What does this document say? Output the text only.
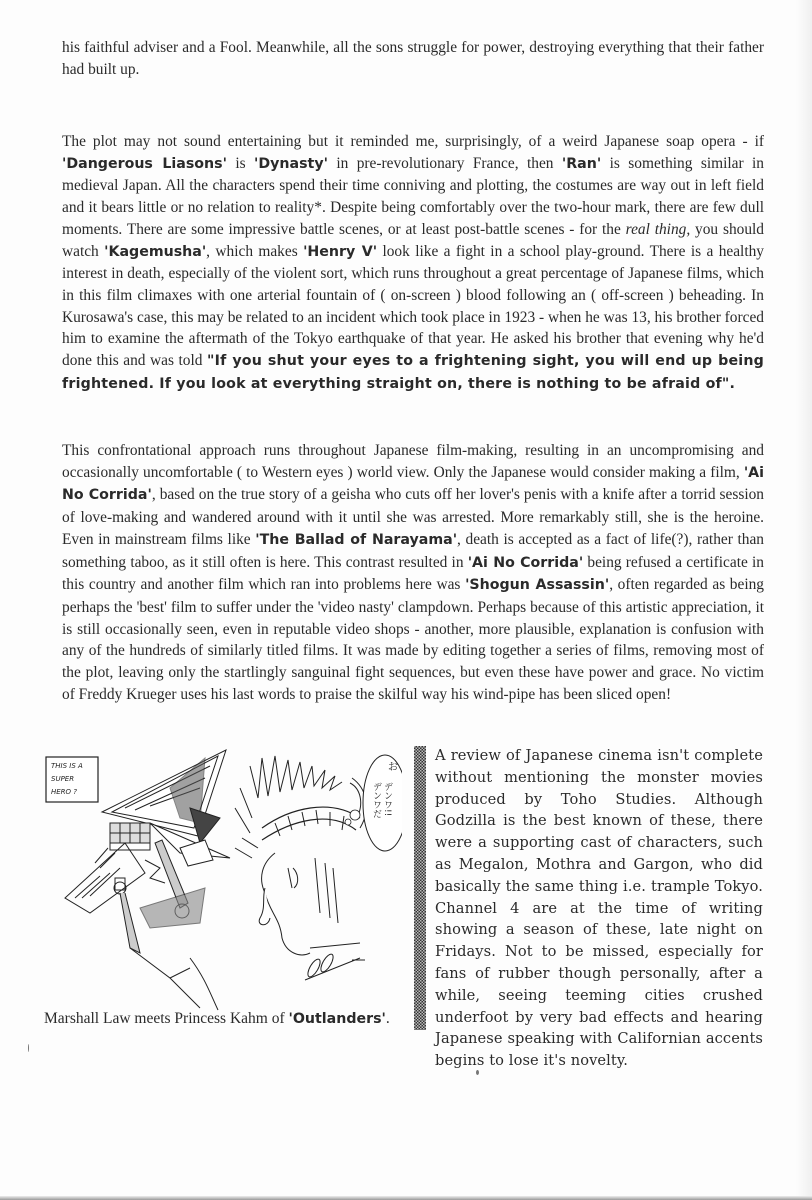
his faithful adviser and a Fool. Meanwhile, all the sons struggle for power, destroying everything that their father had built up.

The plot may not sound entertaining but it reminded me, surprisingly, of a weird Japanese soap opera - if 'Dangerous Liasons' is 'Dynasty' in pre-revolutionary France, then 'Ran' is something similar in medieval Japan. All the characters spend their time conniving and plotting, the costumes are way out in left field and it bears little or no relation to reality*. Despite being comfortably over the two-hour mark, there are few dull moments. There are some impressive battle scenes, or at least post-battle scenes - for the real thing, you should watch 'Kagemusha', which makes 'Henry V' look like a fight in a school play-ground. There is a healthy interest in death, especially of the violent sort, which runs throughout a great percentage of Japanese films, which in this film climaxes with one arterial fountain of ( on-screen ) blood following an ( off-screen ) beheading. In Kurosawa's case, this may be related to an incident which took place in 1923 - when he was 13, his brother forced him to examine the aftermath of the Tokyo earthquake of that year. He asked his brother that evening why he'd done this and was told "If you shut your eyes to a frightening sight, you will end up being frightened. If you look at everything straight on, there is nothing to be afraid of".

This confrontational approach runs throughout Japanese film-making, resulting in an uncompromising and occasionally uncomfortable ( to Western eyes ) world view. Only the Japanese would consider making a film, 'Ai No Corrida', based on the true story of a geisha who cuts off her lover's penis with a knife after a torrid session of love-making and wandered around with it until she was arrested. More remarkably still, she is the heroine. Even in mainstream films like 'The Ballad of Narayama', death is accepted as a fact of life(?), rather than something taboo, as it still often is here. This contrast resulted in 'Ai No Corrida' being refused a certificate in this country and another film which ran into problems here was 'Shogun Assassin', often regarded as being perhaps the 'best' film to suffer under the 'video nasty' clampdown. Perhaps because of this artistic appreciation, it is still occasionally seen, even in reputable video shops - another, more plausible, explanation is confusion with any of the hundreds of similarly titled films. It was made by editing together a series of films, removing most of the plot, leaving only the startlingly sanguinal fight sequences, but even these have power and grace. No victim of Freddy Krueger uses his last words to praise the skilful way his wind-pipe has been sliced open!

THIS IS A
SUPER
HERO ?
お
デンワだ デンワ!!
Marshall Law meets Princess Kahm of 'Outlanders'.

A review of Japanese cinema isn't complete without mentioning the monster movies produced by Toho Studies. Although Godzilla is the best known of these, there were a supporting cast of characters, such as Megalon, Mothra and Gargon, who did basically the same thing i.e. trample Tokyo. Channel 4 are at the time of writing showing a season of these, late night on Fridays. Not to be missed, especially for fans of rubber though personally, after a while, seeing teeming cities crushed underfoot by very bad effects and hearing Japanese speaking with Californian accents begins to lose it's novelty.
